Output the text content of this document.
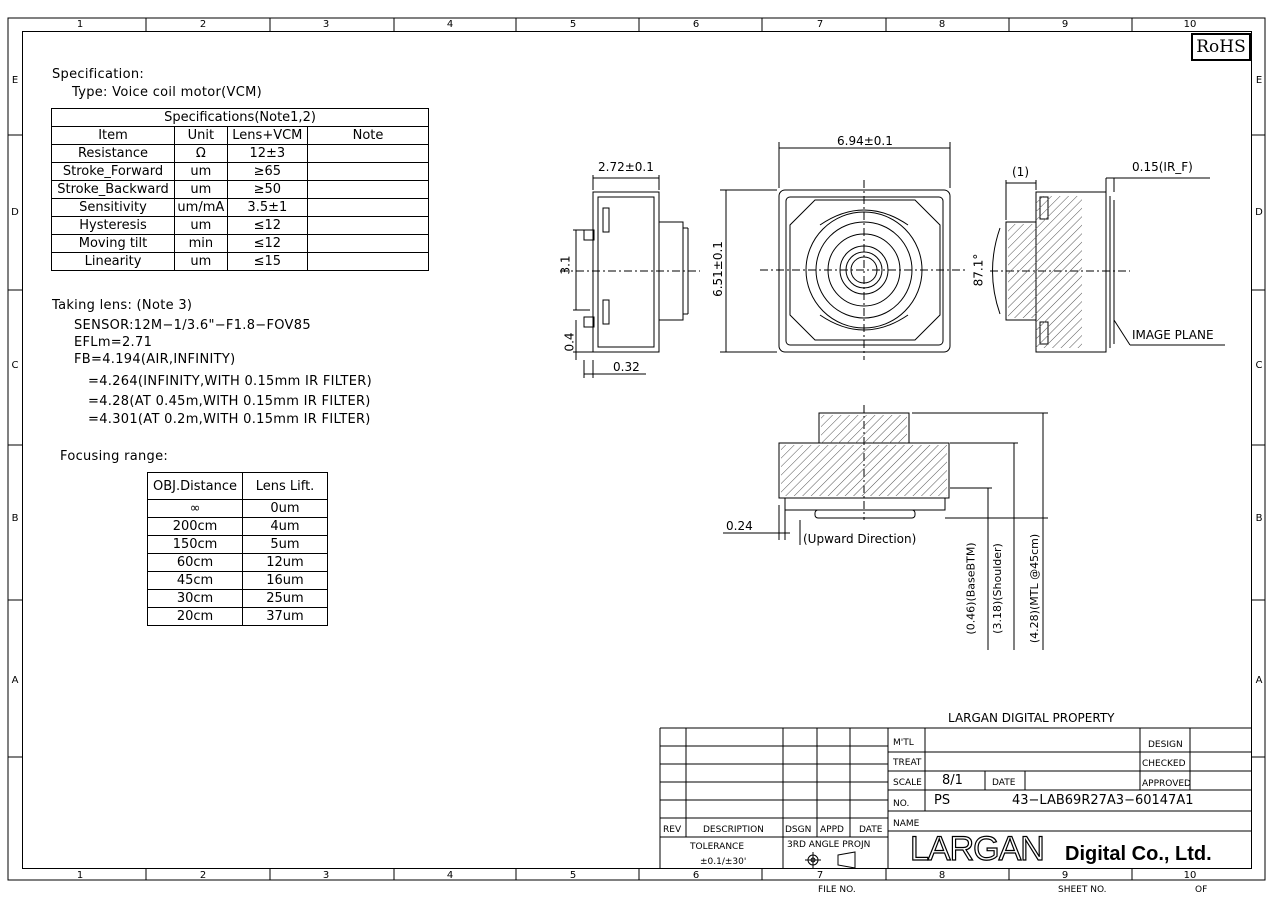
1	2	3	4	5	6	7	8	9	10
1	2	3	4	5	6	7	8	9	10
E
D
C
B
A
E
D
C
B
A
RoHS
Specification:
Type: Voice coil motor(VCM)
Specifications(Note1,2)			
Item	Unit	Lens+VCM	Note
Resistance	Ω	12±3	
Stroke_Forward	um	≥65	
Stroke_Backward	um	≥50	
Sensitivity	um/mA	3.5±1	
Hysteresis	um	≤12	
Moving tilt	min	≤12	
Linearity	um	≤15	
Taking lens: (Note 3)
SENSOR:12M−1/3.6"−F1.8−FOV85
EFLm=2.71
FB=4.194(AIR,INFINITY)
=4.264(INFINITY,WITH 0.15mm IR FILTER)
=4.28(AT 0.45m,WITH 0.15mm IR FILTER)
=4.301(AT 0.2m,WITH 0.15mm IR FILTER)
Focusing range:
OBJ.Distance	Lens Lift.
∞	0um
200cm	4um
150cm	5um
60cm	12um
45cm	16um
30cm	25um
20cm	37um
2.72±0.1
3.1
0.4
0.32
6.94±0.1
6.51±0.1
(1)	0.15(IR_F)
87.1°
IMAGE PLANE
0.24
(Upward Direction)
(0.46)(BaseBTM) (3.18)(Shoulder) (4.28)(MTL @45cm)
LARGAN DIGITAL PROPERTY
M'TL
TREAT
SCALE 8/1	DATE
NO. PS	43−LAB69R27A3−60147A1
NAME
DESIGN
CHECKED
APPROVED
REV DESCRIPTION DSGN APPD DATE
TOLERANCE
±0.1/±30'
3RD ANGLE PROJN LARGAN Digital Co., Ltd.
FILE NO.	SHEET NO.	OF
